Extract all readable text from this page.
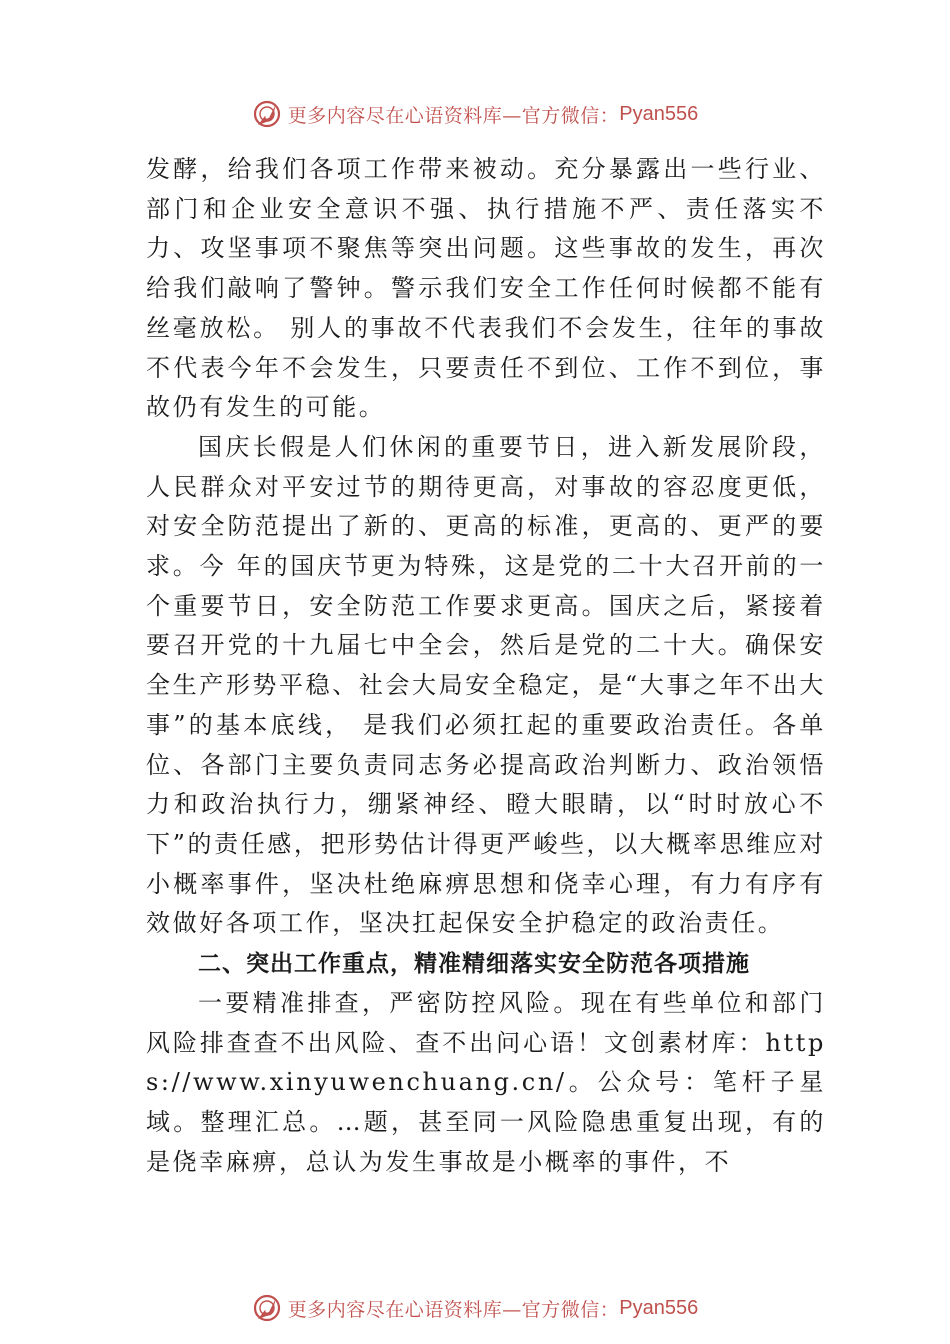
更多内容尽在心语资料库—官方微信： Pyan556

发酵，给我们各项工作带来被动。充分暴露出一些行业、部门和企业安全意识不强、执行措施不严、责任落实不力、攻坚事项不聚焦等突出问题。这些事故的发生，再次给我们敲响了警钟。警示我们安全工作任何时候都不能有丝毫放松。 别人的事故不代表我们不会发生，往年的事故不代表今年不会发生，只要责任不到位、工作不到位，事故仍有发生的可能。

国庆长假是人们休闲的重要节日，进入新发展阶段，人民群众对平安过节的期待更高，对事故的容忍度更低，对安全防范提出了新的、更高的标准，更高的、更严的要求。今 年的国庆节更为特殊，这是党的二十大召开前的一个重要节日，安全防范工作要求更高。国庆之后，紧接着要召开党的十九届七中全会，然后是党的二十大。确保安全生产形势平稳、社会大局安全稳定，是“大事之年不出大事”的基本底线， 是我们必须扛起的重要政治责任。各单位、各部门主要负责同志务必提高政治判断力、政治领悟力和政治执行力，绷紧神经、瞪大眼睛，以“时时放心不下”的责任感，把形势估计得更严峻些，以大概率思维应对小概率事件，坚决杜绝麻痹思想和侥幸心理，有力有序有效做好各项工作，坚决扛起保安全护稳定的政治责任。

二、突出工作重点，精准精细落实安全防范各项措施

一要精准排查，严密防控风险。现在有些单位和部门风险排查查不出风险、查不出问心语！文创素材库：https://www.xinyuwenchuang.cn/。公众号：笔杆子星域。整理汇总。…题，甚至同一风险隐患重复出现，有的是侥幸麻痹，总认为发生事故是小概率的事件，不

更多内容尽在心语资料库—官方微信： Pyan556
